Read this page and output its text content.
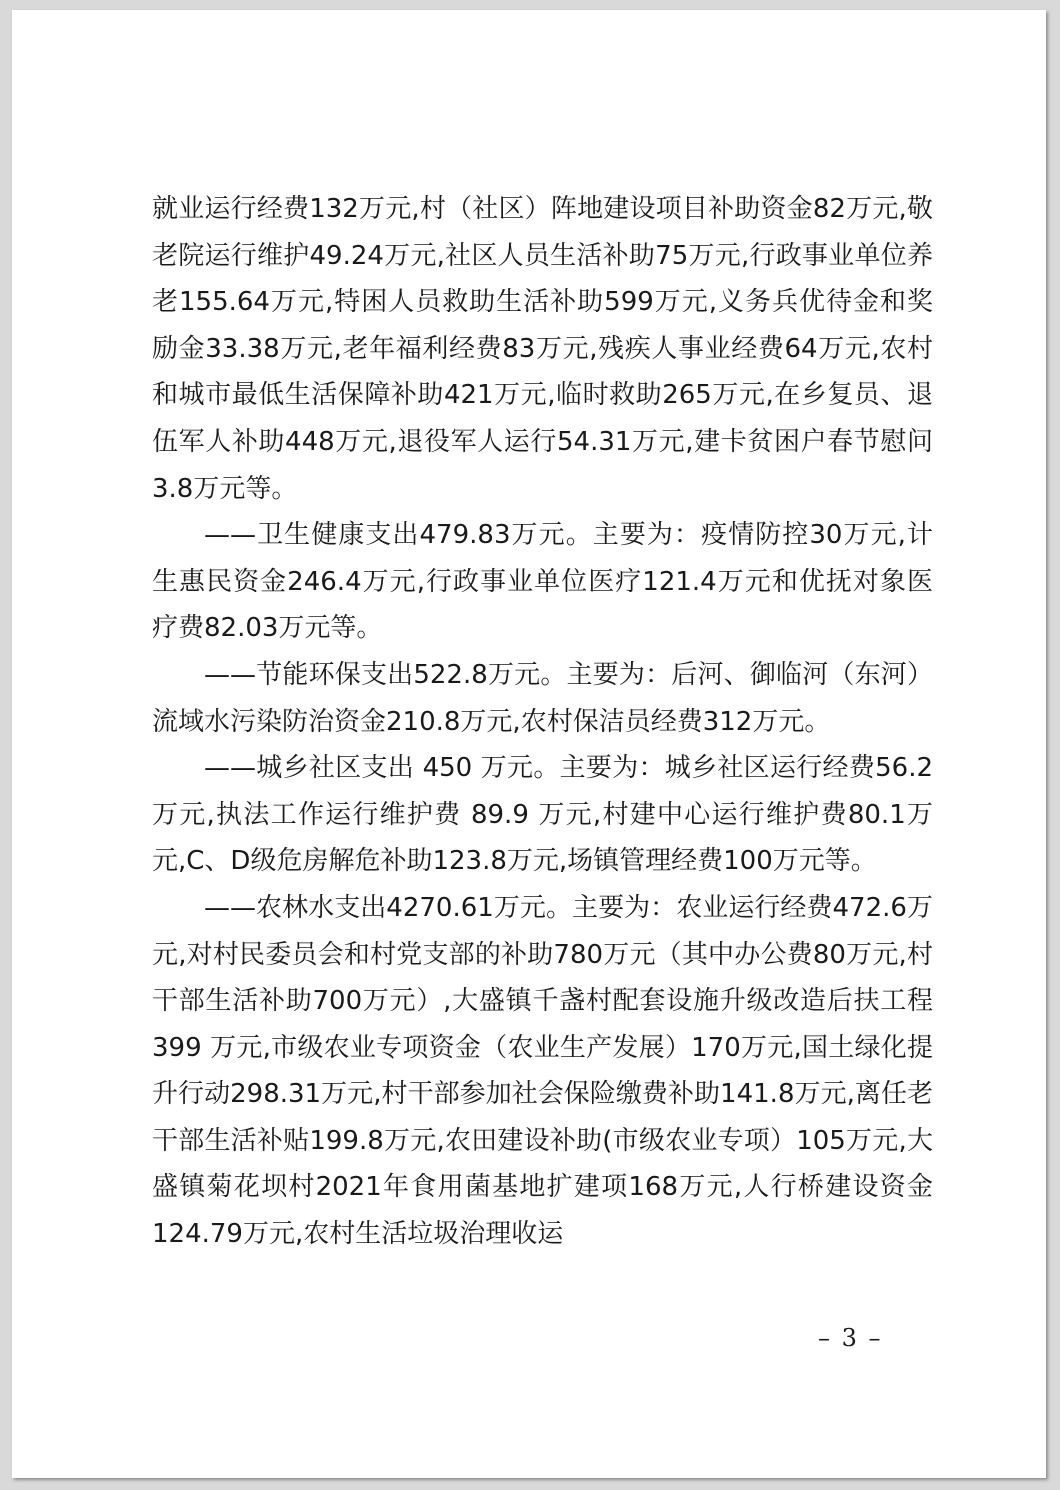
就业运行经费132万元,村（社区）阵地建设项目补助资金82万元,敬老院运行维护49.24万元,社区人员生活补助75万元,行政事业单位养老155.64万元,特困人员救助生活补助599万元,义务兵优待金和奖励金33.38万元,老年福利经费83万元,残疾人事业经费64万元,农村和城市最低生活保障补助421万元,临时救助265万元,在乡复员、退伍军人补助448万元,退役军人运行54.31万元,建卡贫困户春节慰问3.8万元等。

——卫生健康支出479.83万元。主要为：疫情防控30万元,计生惠民资金246.4万元,行政事业单位医疗121.4万元和优抚对象医疗费82.03万元等。

——节能环保支出522.8万元。主要为：后河、御临河（东河）流域水污染防治资金210.8万元,农村保洁员经费312万元。

——城乡社区支出 450 万元。主要为：城乡社区运行经费56.2 万元,执法工作运行维护费 89.9 万元,村建中心运行维护费80.1万元,C、D级危房解危补助123.8万元,场镇管理经费100万元等。

——农林水支出4270.61万元。主要为：农业运行经费472.6万元,对村民委员会和村党支部的补助780万元（其中办公费80万元,村干部生活补助700万元）,大盛镇千盏村配套设施升级改造后扶工程 399 万元,市级农业专项资金（农业生产发展）170万元,国土绿化提升行动298.31万元,村干部参加社会保险缴费补助141.8万元,离任老干部生活补贴199.8万元,农田建设补助(市级农业专项）105万元,大盛镇菊花坝村2021年食用菌基地扩建项168万元,人行桥建设资金124.79万元,农村生活垃圾治理收运

– 3 –
